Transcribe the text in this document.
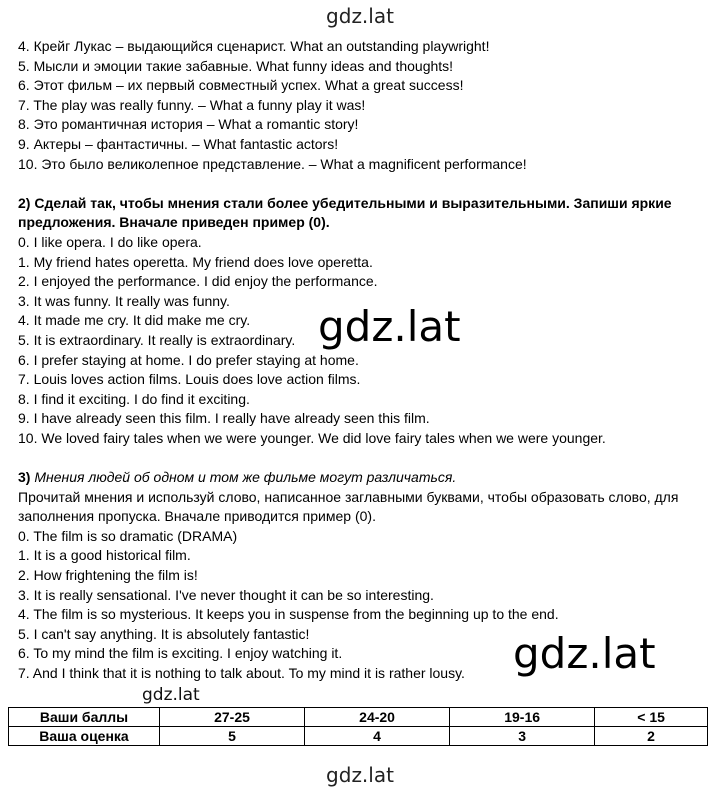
gdz.lat
4. Крейг Лукас – выдающийся сценарист. What an outstanding playwright!
5. Мысли и эмоции такие забавные. What funny ideas and thoughts!
6. Этот фильм – их первый совместный успех. What a great success!
7. The play was really funny. – What a funny play it was!
8. Это романтичная история – What a romantic story!
9. Актеры – фантастичны. – What fantastic actors!
10. Это было великолепное представление. – What a magnificent performance!
2) Сделай так, чтобы мнения стали более убедительными и выразительными. Запиши яркие предложения. Вначале приведен пример (0).
0. I like opera. I do like opera.
1. My friend hates operetta. My friend does love operetta.
2. I enjoyed the performance. I did enjoy the performance.
3. It was funny. It really was funny.
4. It made me cry. It did make me cry.
5. It is extraordinary. It really is extraordinary.
6. I prefer staying at home. I do prefer staying at home.
7. Louis loves action films. Louis does love action films.
8. I find it exciting. I do find it exciting.
9. I have already seen this film. I really have already seen this film.
10. We loved fairy tales when we were younger. We did love fairy tales when we were younger.
3) Мнения людей об одном и том же фильме могут различаться.
Прочитай мнения и используй слово, написанное заглавными буквами, чтобы образовать слово, для заполнения пропуска. Вначале приводится пример (0).
0. The film is so dramatic (DRAMA)
1. It is a good historical film.
2. How frightening the film is!
3. It is really sensational. I've never thought it can be so interesting.
4. The film is so mysterious. It keeps you in suspense from the beginning up to the end.
5. I can't say anything. It is absolutely fantastic!
6. To my mind the film is exciting. I enjoy watching it.
7. And I think that it is nothing to talk about. To my mind it is rather lousy.
gdz.lat
gdz.lat
gdz.lat
Ваши баллы	27-25	24-20	19-16	< 15
Ваша оценка	5	4	3	2
gdz.lat
